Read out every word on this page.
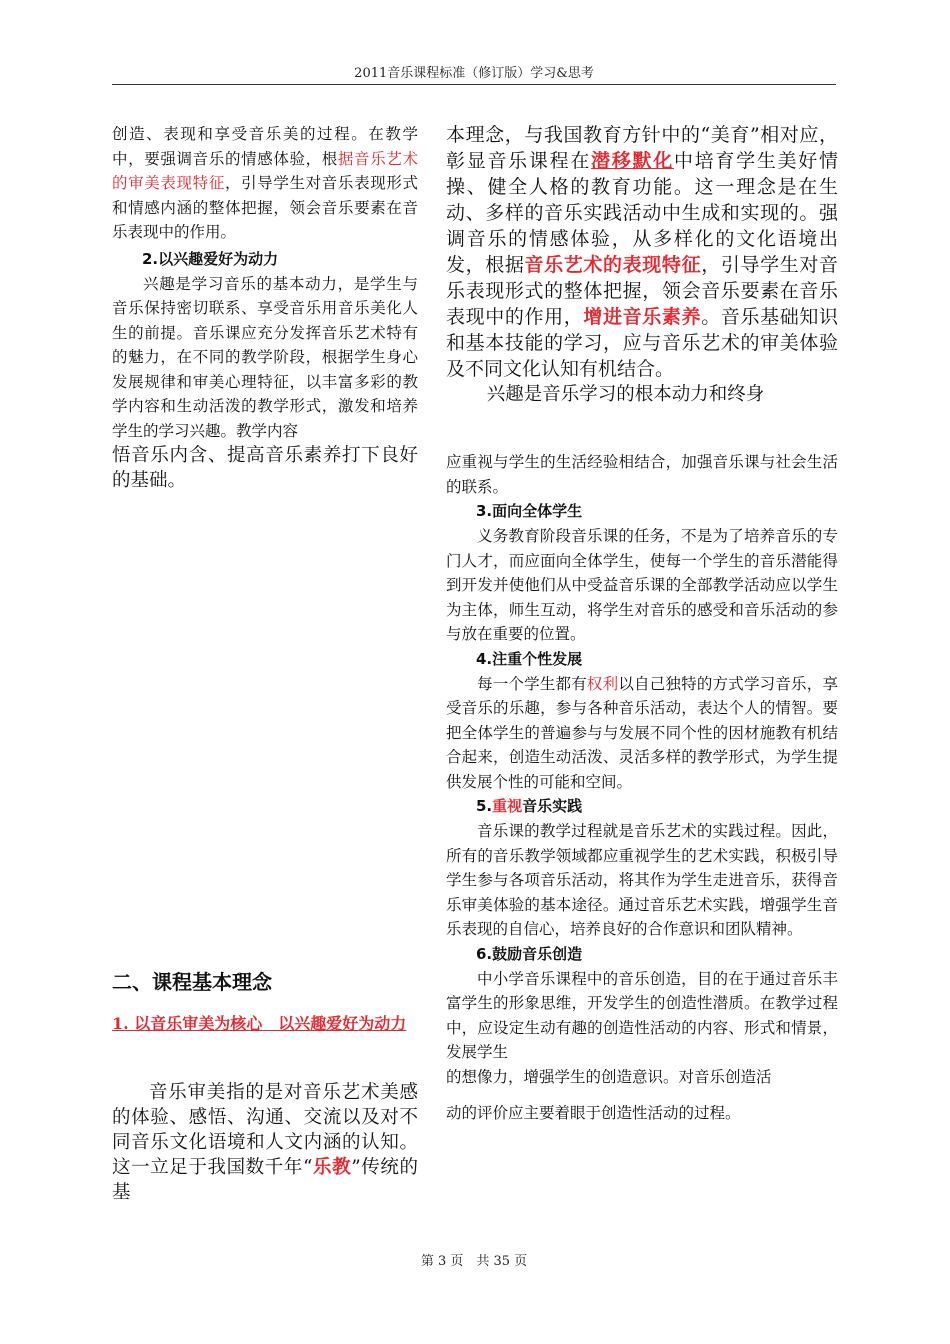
2011音乐课程标准（修订版）学习&思考

创造、表现和享受音乐美的过程。在教学中，要强调音乐的情感体验，根据音乐艺术的审美表现特征，引导学生对音乐表现形式和情感内涵的整体把握，领会音乐要素在音乐表现中的作用。

2.以兴趣爱好为动力

兴趣是学习音乐的基本动力，是学生与音乐保持密切联系、享受音乐用音乐美化人生的前提。音乐课应充分发挥音乐艺术特有的魅力，在不同的教学阶段，根据学生身心发展规律和审美心理特征，以丰富多彩的教学内容和生动活泼的教学形式，激发和培养学生的学习兴趣。教学内容

悟音乐内含、提高音乐素养打下良好的基础。

二、课程基本理念
1. 以音乐审美为核心　以兴趣爱好为动力

音乐审美指的是对音乐艺术美感的体验、感悟、沟通、交流以及对不同音乐文化语境和人文内涵的认知。这一立足于我国数千年“乐教”传统的基

本理念，与我国教育方针中的“美育”相对应，彰显音乐课程在潜移默化中培育学生美好情操、健全人格的教育功能。这一理念是在生动、多样的音乐实践活动中生成和实现的。强调音乐的情感体验，从多样化的文化语境出发，根据音乐艺术的表现特征，引导学生对音乐表现形式的整体把握，领会音乐要素在音乐表现中的作用，增进音乐素养。音乐基础知识和基本技能的学习，应与音乐艺术的审美体验及不同文化认知有机结合。

兴趣是音乐学习的根本动力和终身

应重视与学生的生活经验相结合，加强音乐课与社会生活的联系。

3.面向全体学生

义务教育阶段音乐课的任务，不是为了培养音乐的专门人才，而应面向全体学生，使每一个学生的音乐潜能得到开发并使他们从中受益音乐课的全部教学活动应以学生为主体，师生互动，将学生对音乐的感受和音乐活动的参与放在重要的位置。

4.注重个性发展

每一个学生都有权利以自己独特的方式学习音乐，享受音乐的乐趣，参与各种音乐活动，表达个人的情智。要把全体学生的普遍参与与发展不同个性的因材施教有机结合起来，创造生动活泼、灵活多样的教学形式，为学生提供发展个性的可能和空间。

5.重视音乐实践

音乐课的教学过程就是音乐艺术的实践过程。因此，所有的音乐教学领域都应重视学生的艺术实践，积极引导学生参与各项音乐活动，将其作为学生走进音乐，获得音乐审美体验的基本途径。通过音乐艺术实践，增强学生音乐表现的自信心，培养良好的合作意识和团队精神。

6.鼓励音乐创造

中小学音乐课程中的音乐创造，目的在于通过音乐丰富学生的形象思维，开发学生的创造性潜质。在教学过程中，应设定生动有趣的创造性活动的内容、形式和情景，发展学生

的想像力，增强学生的创造意识。对音乐创造活

动的评价应主要着眼于创造性活动的过程。

第 3 页　共 35 页
